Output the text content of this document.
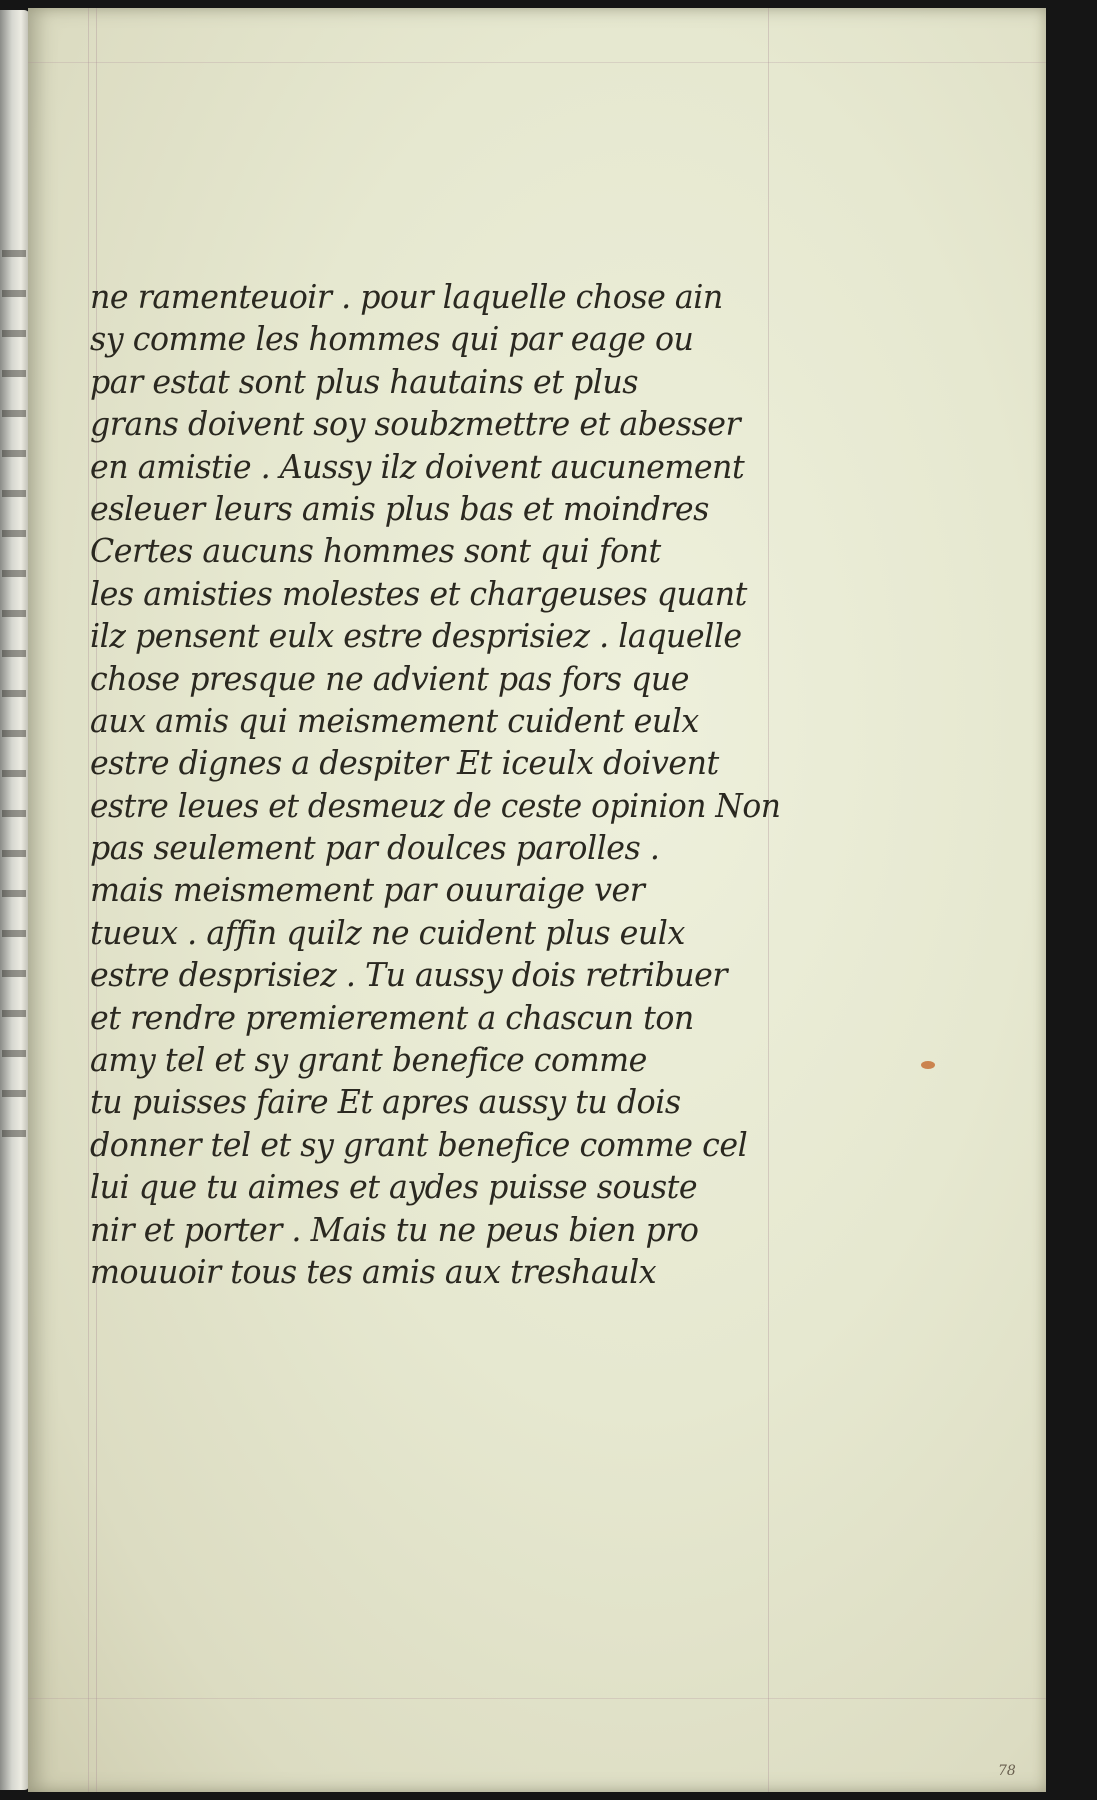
ne ramenteuoir . pour laquelle chose ain
sy comme les hommes qui par eage ou
par estat sont plus hautains et plus
grans doivent soy soubzmettre et abesser
en amistie . Aussy ilz doivent aucunement
esleuer leurs amis plus bas et moindres
Certes aucuns hommes sont qui font
les amisties molestes et chargeuses quant
ilz pensent eulx estre desprisiez . laquelle
chose presque ne advient pas fors que
aux amis qui meismement cuident eulx
estre dignes a despiter Et iceulx doivent
estre leues et desmeuz de ceste opinion Non
pas seulement par doulces parolles .
mais meismement par ouuraige ver
tueux . affin quilz ne cuident plus eulx
estre desprisiez . Tu aussy dois retribuer
et rendre premierement a chascun ton
amy tel et sy grant benefice comme
tu puisses faire Et apres aussy tu dois
donner tel et sy grant benefice comme cel
lui que tu aimes et aydes puisse souste
nir et porter . Mais tu ne peus bien pro
mouuoir tous tes amis aux treshaulx
78
